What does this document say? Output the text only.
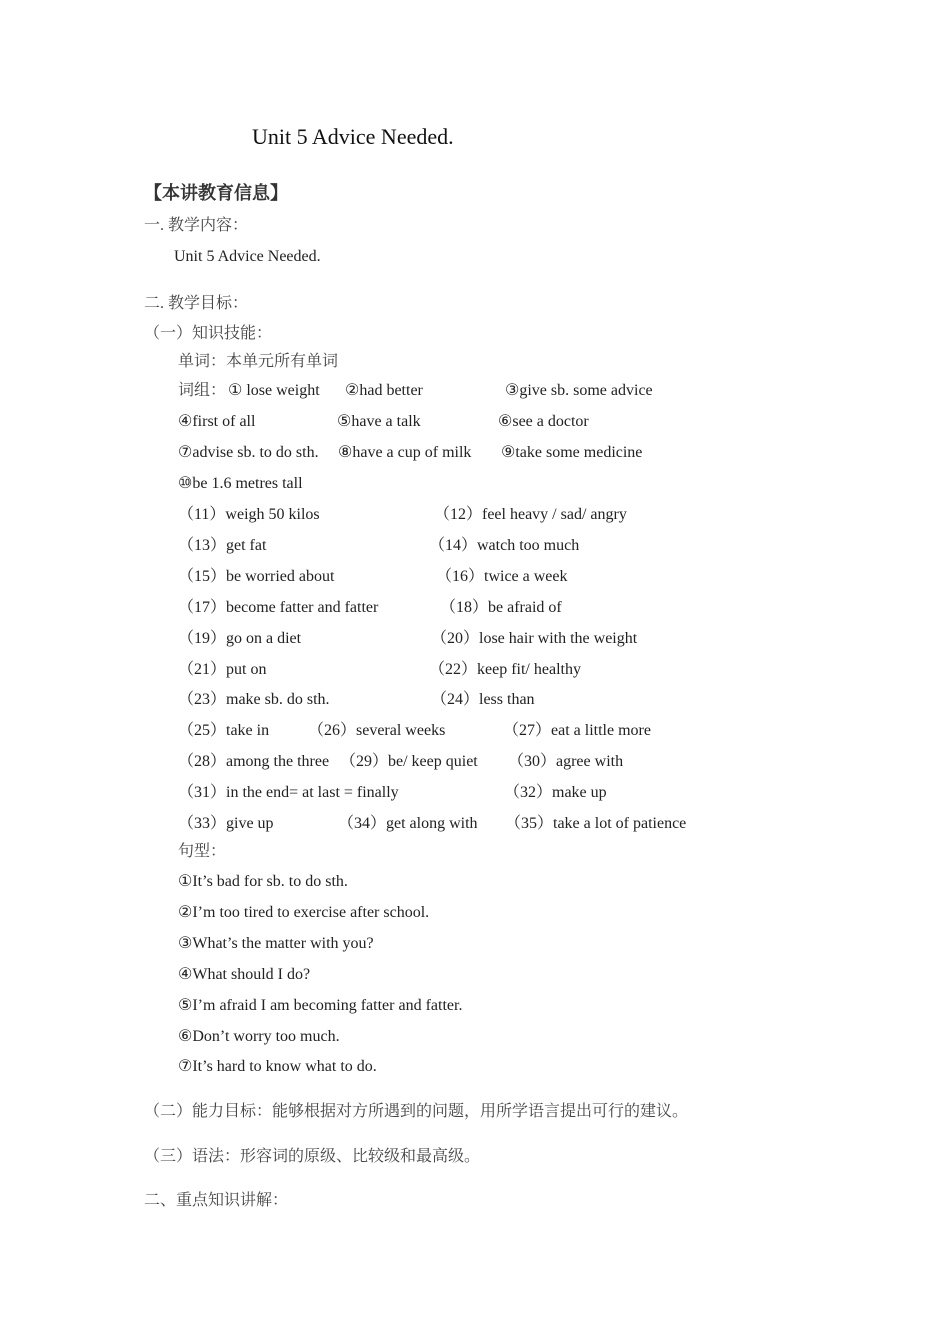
Unit 5 Advice Needed.
【本讲教育信息】
一. 教学内容：
Unit 5 Advice Needed.
二. 教学目标：
（一）知识技能：
单词：本单元所有单词
词组： ① lose weight ②had better	③give sb. some advice
④first of all	⑤have a talk	⑥see a doctor
⑦advise sb. to do sth. ⑧have a cup of milk ⑨take some medicine
⑩be 1.6 metres tall
（11）weigh 50 kilos	（12）feel heavy / sad/ angry
（13）get fat	（14）watch too much
（15）be worried about	（16）twice a week
（17）become fatter and fatter	（18）be afraid of
（19）go on a diet	（20）lose hair with the weight
（21）put on	（22）keep fit/ healthy
（23）make sb. do sth.	（24）less than
（25）take in （26）several weeks	（27）eat a little more
（28）among the three （29）be/ keep quiet （30）agree with
（31）in the end= at last = finally	（32）make up
（33）give up	（34）get along with （35）take a lot of patience
句型：
①It’s bad for sb. to do sth.
②I’m too tired to exercise after school.
③What’s the matter with you?
④What should I do?
⑤I’m afraid I am becoming fatter and fatter.
⑥Don’t worry too much.
⑦It’s hard to know what to do.
（二）能力目标：能够根据对方所遇到的问题，用所学语言提出可行的建议。
（三）语法：形容词的原级、比较级和最高级。
二、重点知识讲解：
